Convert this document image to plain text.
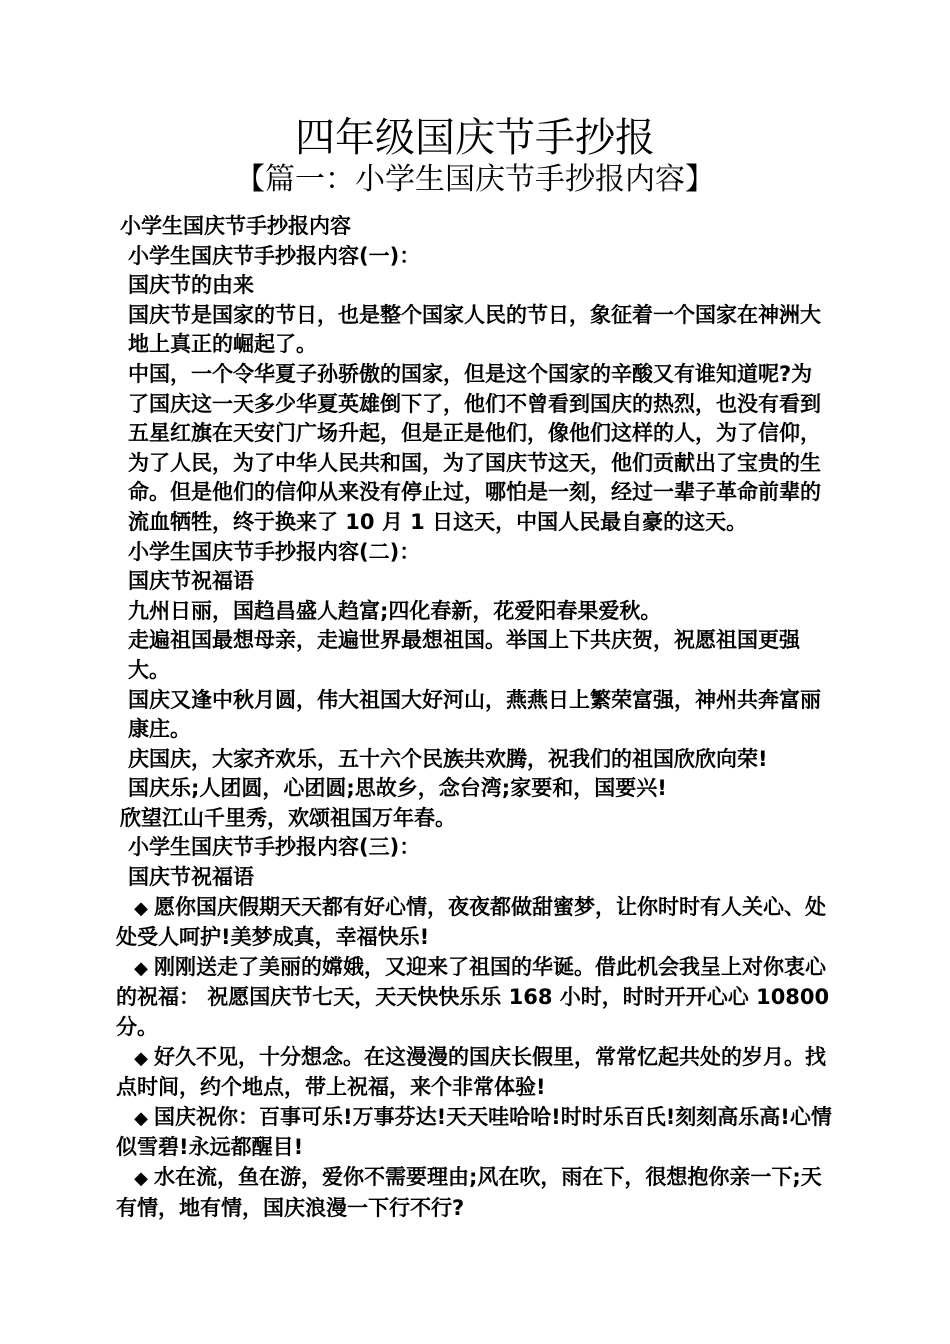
四年级国庆节手抄报
【篇一：小学生国庆节手抄报内容】

小学生国庆节手抄报内容

小学生国庆节手抄报内容(一)：

国庆节的由来

国庆节是国家的节日，也是整个国家人民的节日，象征着一个国家在神洲大地上真正的崛起了。

中国，一个令华夏子孙骄傲的国家，但是这个国家的辛酸又有谁知道呢?为了国庆这一天多少华夏英雄倒下了，他们不曾看到国庆的热烈，也没有看到五星红旗在天安门广场升起，但是正是他们，像他们这样的人，为了信仰，为了人民，为了中华人民共和国，为了国庆节这天，他们贡献出了宝贵的生命。但是他们的信仰从来没有停止过，哪怕是一刻，经过一辈子革命前辈的流血牺牲，终于换来了 10 月 1 日这天，中国人民最自豪的这天。

小学生国庆节手抄报内容(二)：

国庆节祝福语

九州日丽，国趋昌盛人趋富;四化春新，花爱阳春果爱秋。

走遍祖国最想母亲，走遍世界最想祖国。举国上下共庆贺，祝愿祖国更强大。

国庆又逢中秋月圆，伟大祖国大好河山，燕燕日上繁荣富强，神州共奔富丽康庄。

庆国庆，大家齐欢乐，五十六个民族共欢腾，祝我们的祖国欣欣向荣!

国庆乐;人团圆，心团圆;思故乡，念台湾;家要和，国要兴!

欣望江山千里秀，欢颂祖国万年春。

小学生国庆节手抄报内容(三)：

国庆节祝福语

◆ 愿你国庆假期天天都有好心情，夜夜都做甜蜜梦，让你时时有人关心、处处受人呵护!美梦成真，幸福快乐!

◆ 刚刚送走了美丽的嫦娥，又迎来了祖国的华诞。借此机会我呈上对你衷心的祝福： 祝愿国庆节七天，天天快快乐乐 168 小时，时时开开心心 10800 分。

◆ 好久不见，十分想念。在这漫漫的国庆长假里，常常忆起共处的岁月。找点时间，约个地点，带上祝福，来个非常体验!

◆ 国庆祝你：百事可乐!万事芬达!天天哇哈哈!时时乐百氏!刻刻高乐高!心情似雪碧!永远都醒目!

◆ 水在流，鱼在游，爱你不需要理由;风在吹，雨在下，很想抱你亲一下;天有情，地有情，国庆浪漫一下行不行?
